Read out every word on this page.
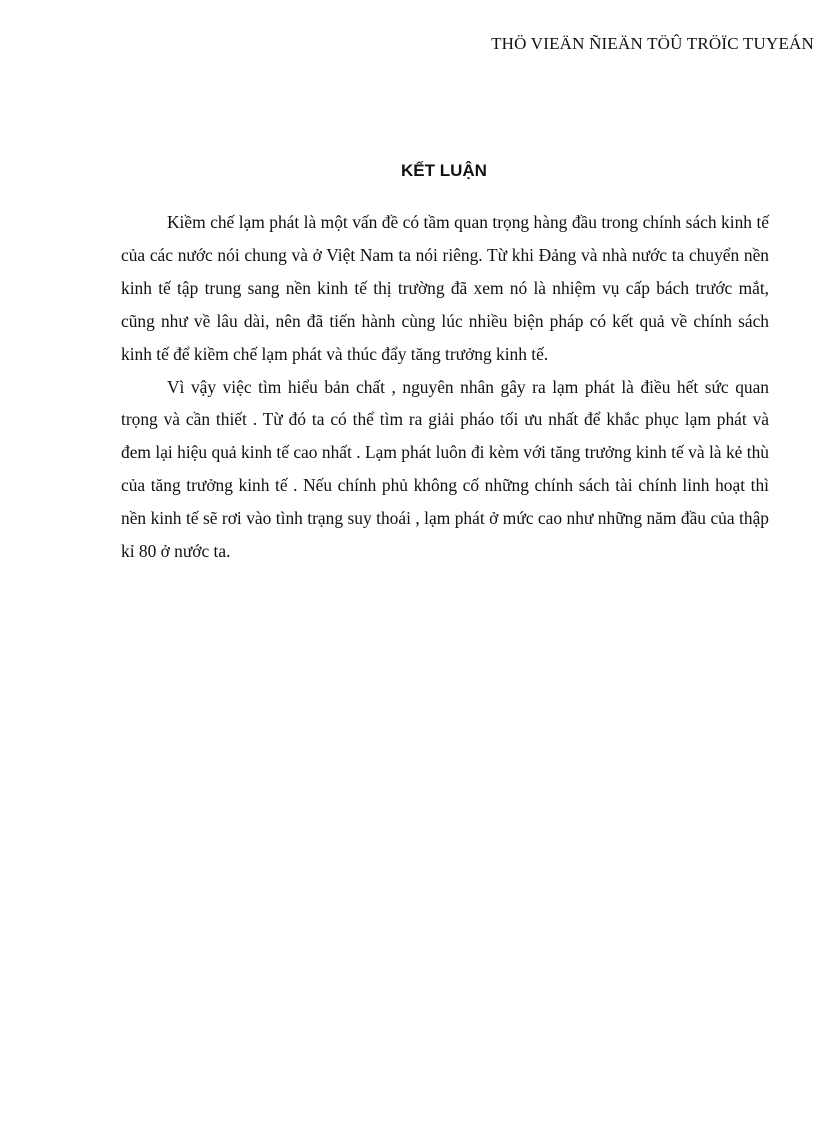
THÖ VIEÄN ÑIEÄN TÖÛ TRÖÏC TUYEÁN
KẾT LUẬN

Kiềm chế lạm phát là một vấn đề có tầm quan trọng hàng đầu trong chính sách kinh tế của các nước nói chung và ở Việt Nam ta nói riêng. Từ khi Đảng và nhà nước ta chuyển nền kinh tế tập trung sang nền kinh tế thị trường đã xem nó là nhiệm vụ cấp bách trước mắt, cũng như về lâu dài, nên đã tiến hành cùng lúc nhiều biện pháp có kết quả về chính sách kinh tế để kiềm chế lạm phát và thúc đẩy tăng trưởng kinh tế.

Vì vậy việc tìm hiểu bản chất , nguyên nhân gây ra lạm phát là điều hết sức quan trọng và cần thiết . Từ đó ta có thể tìm ra giải pháo tối ưu nhất để khắc phục lạm phát và đem lại hiệu quả kinh tế cao nhất . Lạm phát luôn đi kèm với tăng trưởng kinh tế và là kẻ thù của tăng trưởng kinh tế . Nếu chính phủ không cố những chính sách tài chính linh hoạt thì nền kinh tế sẽ rơi vào tình trạng suy thoái , lạm phát ở mức cao như những năm đầu của thập kỉ 80 ở nước ta.
